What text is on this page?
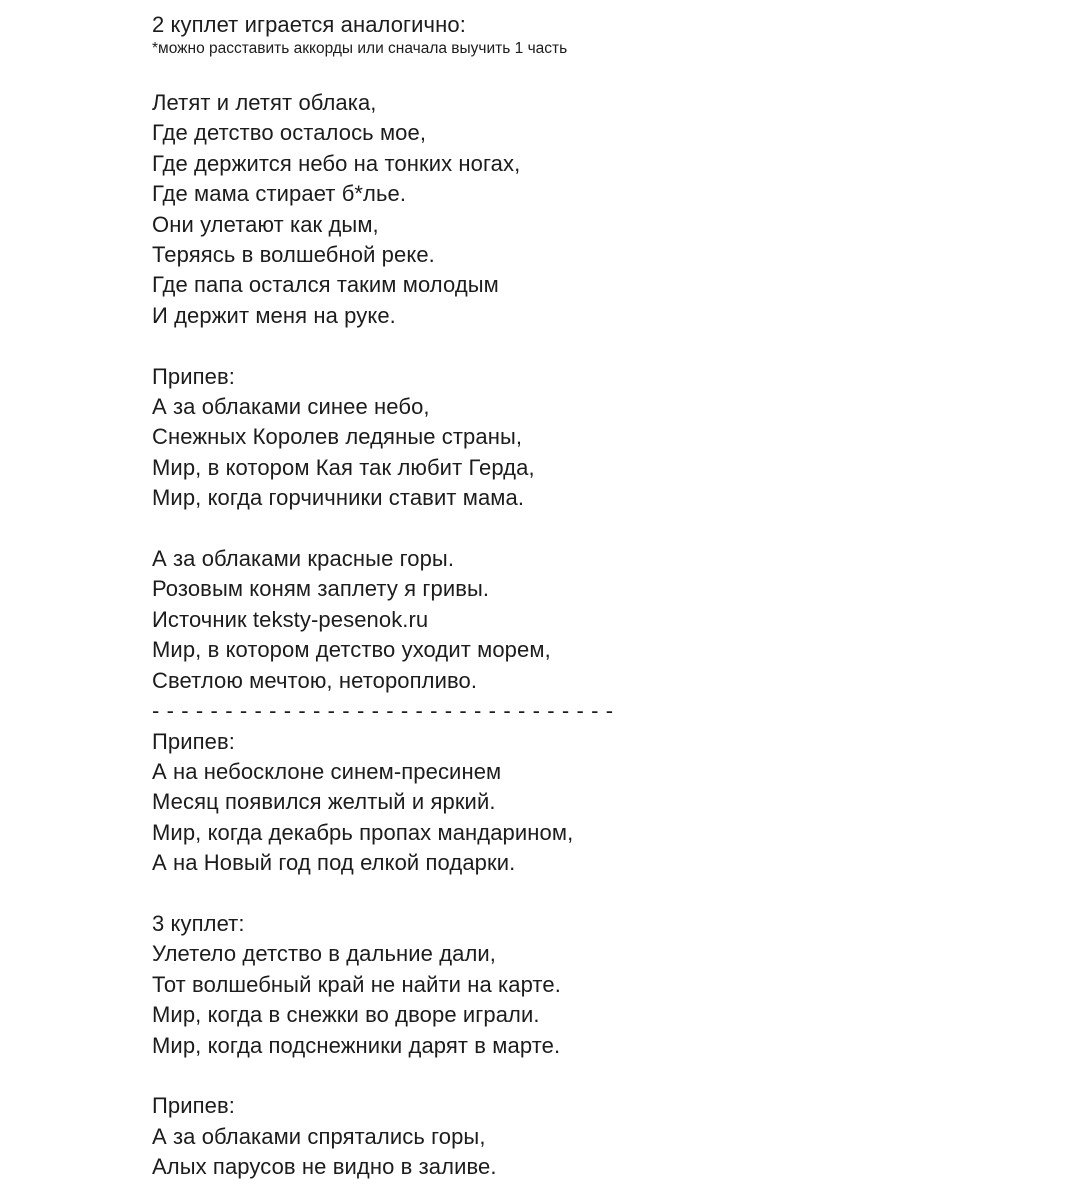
2 куплет играется аналогично:
*можно расставить аккорды или сначала выучить 1 часть
Летят и летят облака,
Где детство осталось мое,
Где держится небо на тонких ногах,
Где мама стирает б*лье.
Они улетают как дым,
Теряясь в волшебной реке.
Где папа остался таким молодым
И держит меня на руке.
Припев:
А за облаками синее небо,
Снежных Королев ледяные страны,
Мир, в котором Кая так любит Герда,
Мир, когда горчичники ставит мама.
А за облаками красные горы.
Розовым коням заплету я гривы.
Источник teksty-pesenok.ru
Мир, в котором детство уходит морем,
Светлою мечтою, неторопливо.
- - - - - - - - - - - - - - - - - - - - - - - - - - - - - - - -
Припев:
А на небосклоне синем-пресинем
Месяц появился желтый и яркий.
Мир, когда декабрь пропах мандарином,
А на Новый год под елкой подарки.
3 куплет:
Улетело детство в дальние дали,
Тот волшебный край не найти на карте.
Мир, когда в снежки во дворе играли.
Мир, когда подснежники дарят в марте.
Припев:
А за облаками спрятались горы,
Алых парусов не видно в заливе.
